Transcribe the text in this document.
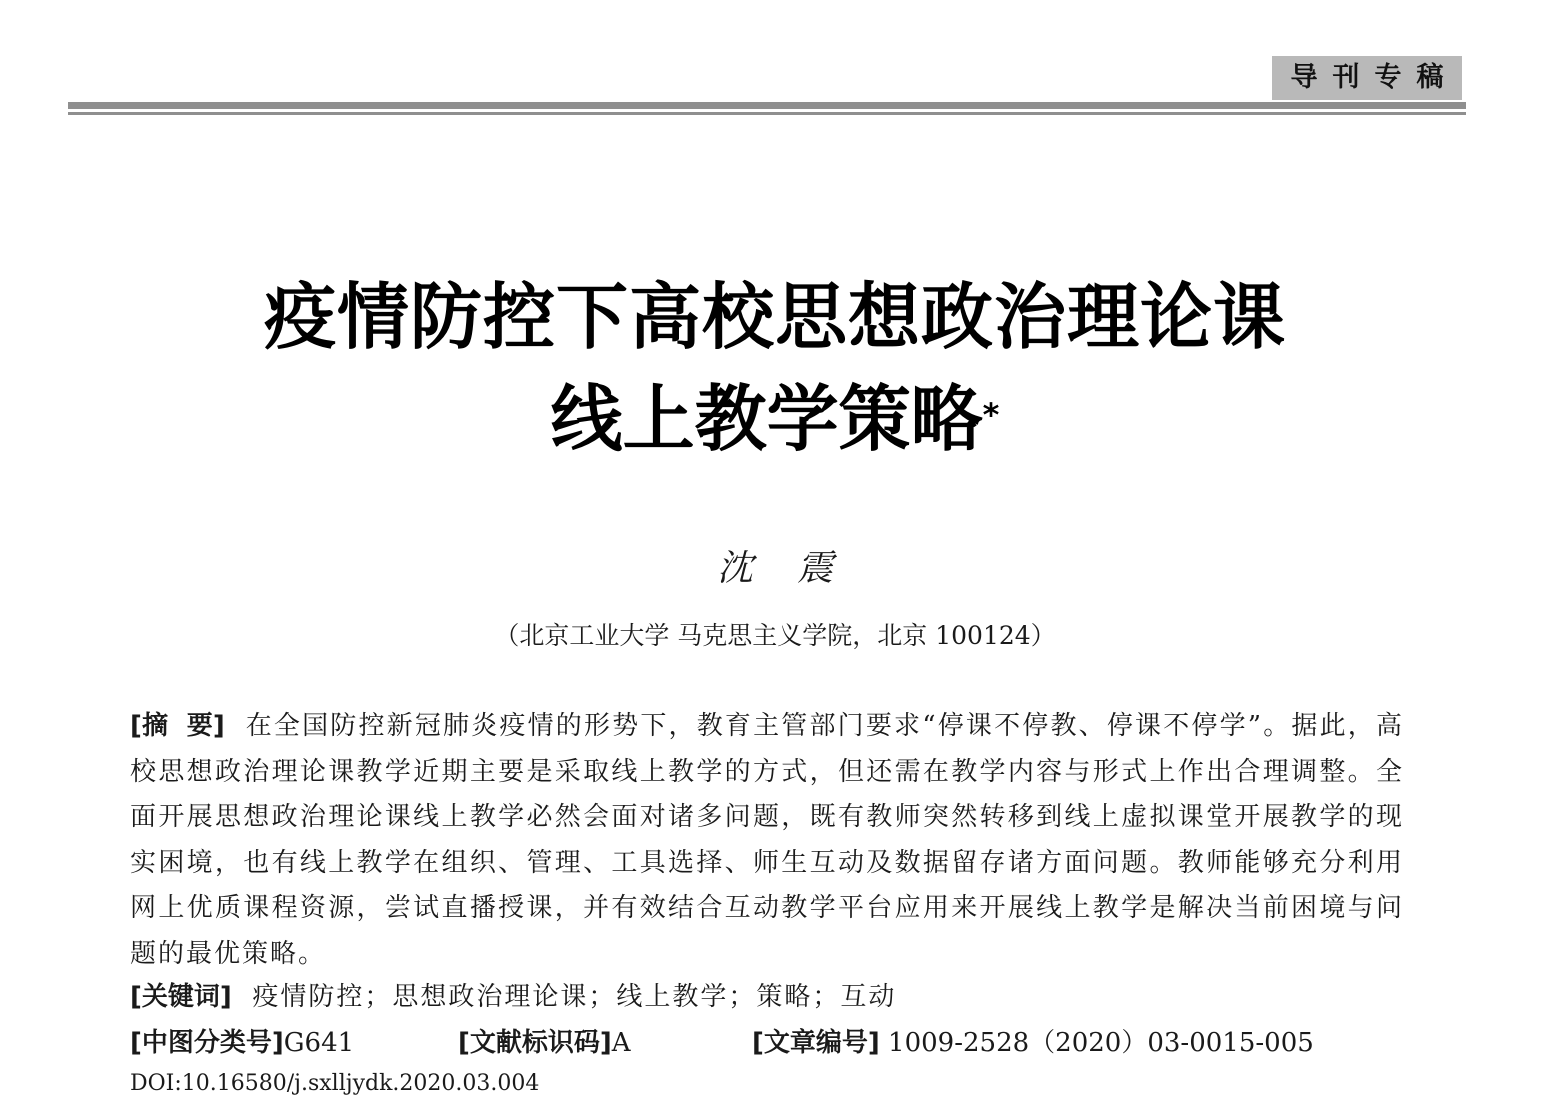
导刊专稿
疫情防控下高校思想政治理论课
线上教学策略*
沈震
（北京工业大学 马克思主义学院，北京 100124）
[摘  要] 在全国防控新冠肺炎疫情的形势下，教育主管部门要求“停课不停教、停课不停学”。据此，高校思想政治理论课教学近期主要是采取线上教学的方式，但还需在教学内容与形式上作出合理调整。全面开展思想政治理论课线上教学必然会面对诸多问题，既有教师突然转移到线上虚拟课堂开展教学的现实困境，也有线上教学在组织、管理、工具选择、师生互动及数据留存诸方面问题。教师能够充分利用网上优质课程资源，尝试直播授课，并有效结合互动教学平台应用来开展线上教学是解决当前困境与问题的最优策略。
[关键词] 疫情防控；思想政治理论课；线上教学；策略；互动
[中图分类号]G641	[文献标识码]A	[文章编号] 1009-2528（2020）03-0015-005
DOI:10.16580/j.sxlljydk.2020.03.004
